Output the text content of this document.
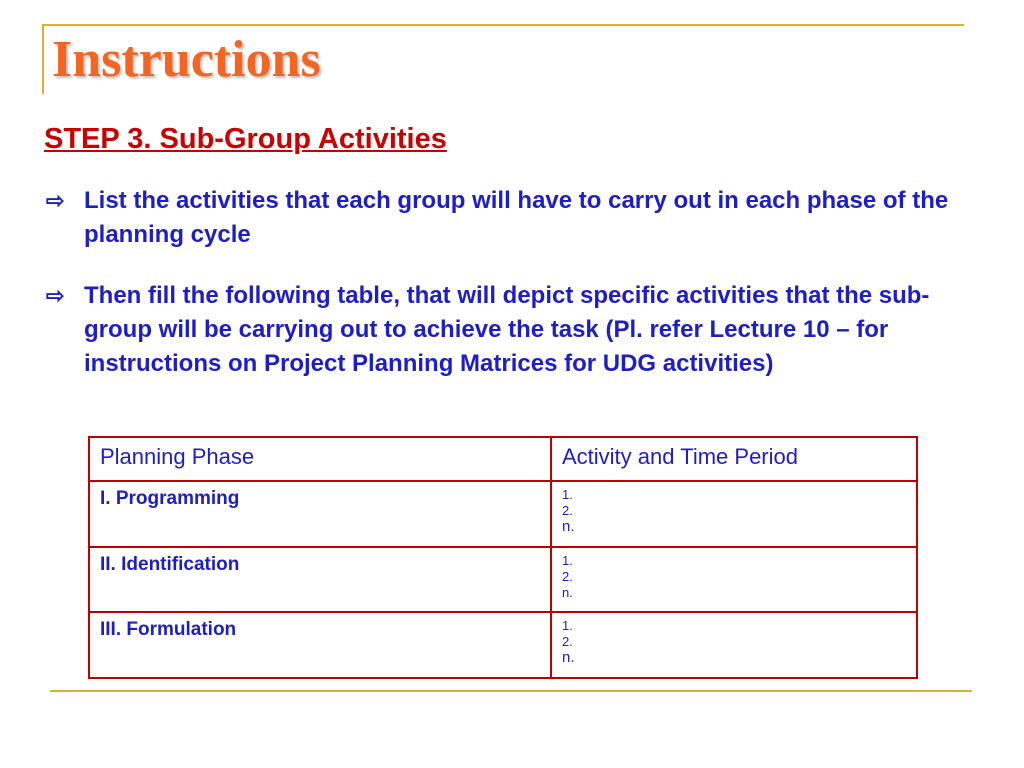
Instructions
STEP 3. Sub-Group Activities
⇨ List the activities that each group will have to carry out in each phase of the planning cycle
⇨ Then fill the following table, that will depict specific activities that the sub-group will be carrying out to achieve the task (Pl. refer Lecture 10 – for instructions on Project Planning Matrices for UDG activities)
Planning Phase	Activity and Time Period
I. Programming	1.
2.
n.

II. Identification	1.
2.
n.

III. Formulation	1.
2.
n.
